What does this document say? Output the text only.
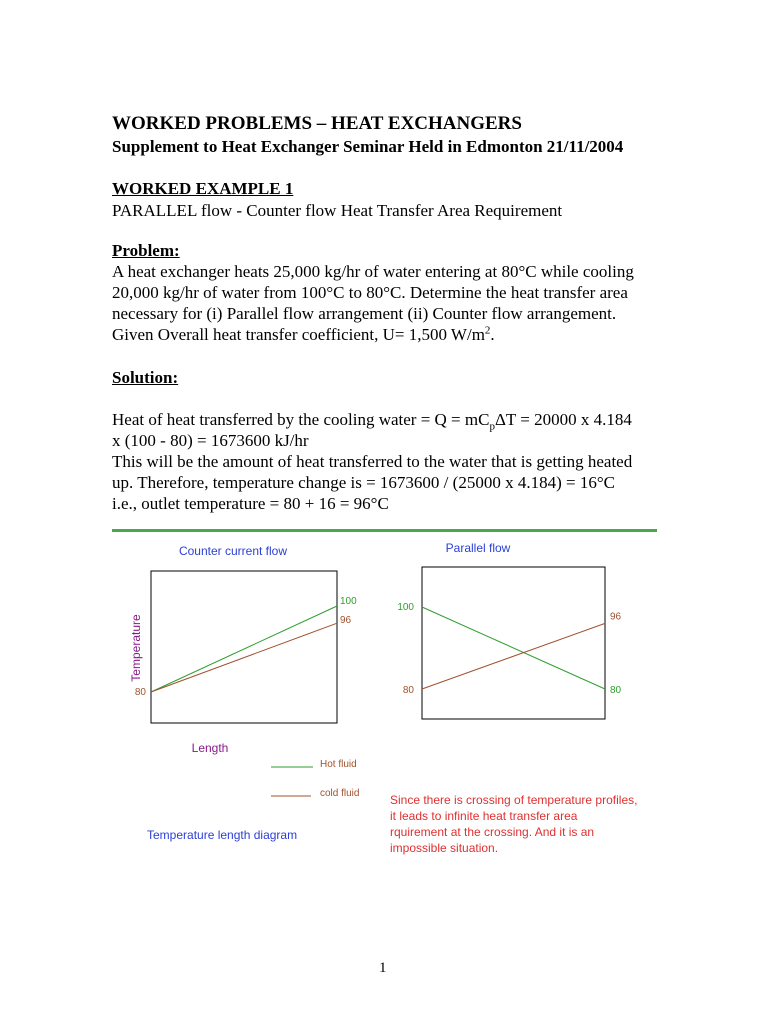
WORKED PROBLEMS – HEAT EXCHANGERS
Supplement to Heat Exchanger Seminar Held in Edmonton 21/11/2004
WORKED EXAMPLE 1
PARALLEL flow - Counter flow Heat Transfer Area Requirement
Problem:
A heat exchanger heats 25,000 kg/hr of water entering at 80°C while cooling
20,000 kg/hr of water from 100°C to 80°C. Determine the heat transfer area
necessary for (i) Parallel flow arrangement (ii) Counter flow arrangement.
Given Overall heat transfer coefficient, U= 1,500 $W/m^2$.
Solution:
Heat of heat transferred by the cooling water = $Q = mC_p\Delta T = 20000$ x 4.184
x (100 - 80) = 1673600 kJ/hr
This will be the amount of heat transferred to the water that is getting heated
up. Therefore, temperature change is = 1673600 / (25000 x 4.184) = 16°C
i.e., outlet temperature = 80 + 16 = 96°C
Counter current flow
Temperature
Length
80
100
96
Parallel flow
100
80	80
96
Hot fluid
cold fluid
Temperature length diagram
Since there is crossing of temperature profiles,
it leads to infinite heat transfer area
rquirement at the crossing. And it is an
impossible situation.
1
